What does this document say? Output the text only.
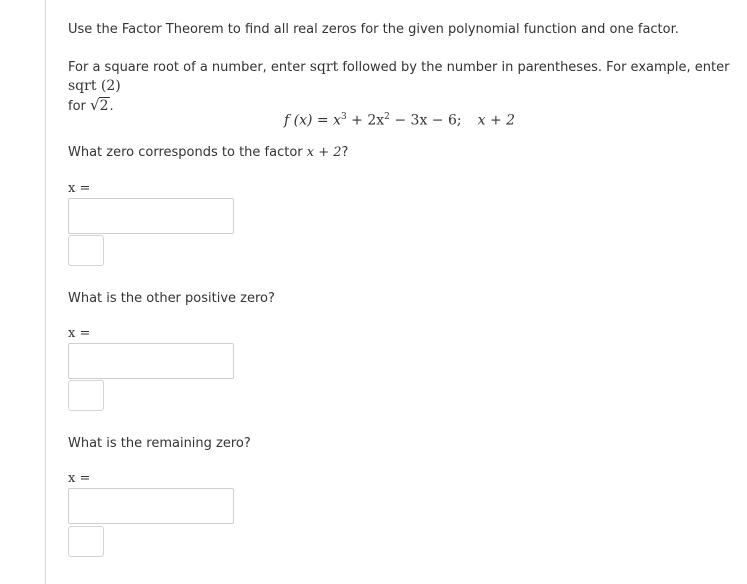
Use the Factor Theorem to find all real zeros for the given polynomial function and one factor.
For a square root of a number, enter sqrt followed by the number in parentheses. For example, enter sqrt (2)
for √2.
f $(x) = x^3 + 2x^2 - 3x - 6$; x + 2
What zero corresponds to the factor x + 2?
x =
What is the other positive zero?
x =
What is the remaining zero?
x =
